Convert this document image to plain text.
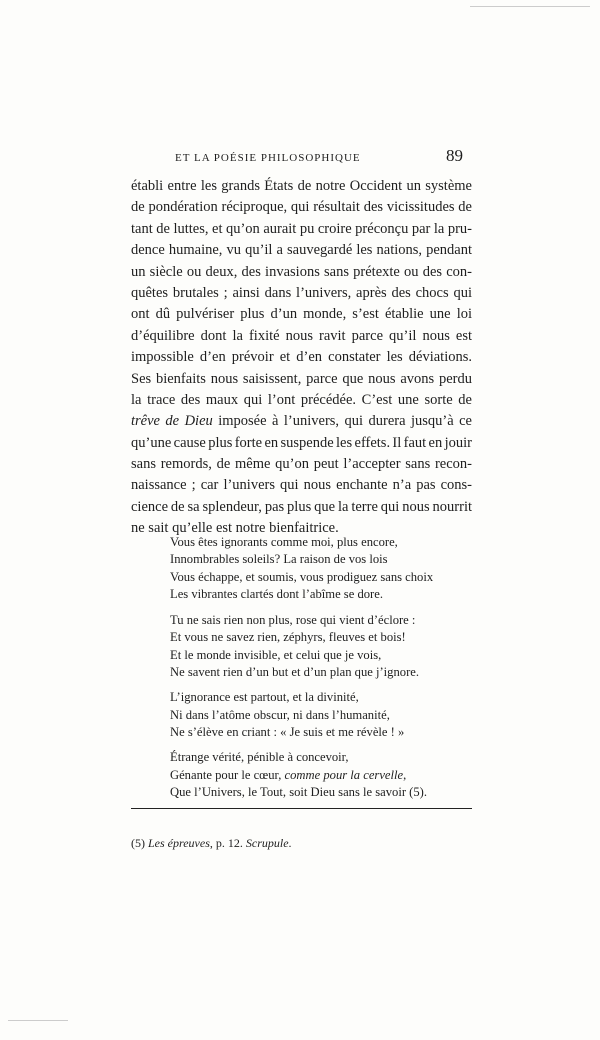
ET LA POÉSIE PHILOSOPHIQUE	89
établi entre les grands États de notre Occident un système
de pondération réciproque, qui résultait des vicissitudes de
tant de luttes, et qu’on aurait pu croire préconçu par la pru-
dence humaine, vu qu’il a sauvegardé les nations, pendant
un siècle ou deux, des invasions sans prétexte ou des con-
quêtes brutales ; ainsi dans l’univers, après des chocs qui
ont dû pulvériser plus d’un monde, s’est établie une loi
d’équilibre dont la fixité nous ravit parce qu’il nous est
impossible d’en prévoir et d’en constater les déviations.
Ses bienfaits nous saisissent, parce que nous avons perdu
la trace des maux qui l’ont précédée. C’est une sorte de
trêve de Dieu imposée à l’univers, qui durera jusqu’à ce
qu’une cause plus forte en suspende les effets. Il faut en jouir
sans remords, de même qu’on peut l’accepter sans recon-
naissance ; car l’univers qui nous enchante n’a pas cons-
cience de sa splendeur, pas plus que la terre qui nous nourrit
ne sait qu’elle est notre bienfaitrice.
Vous êtes ignorants comme moi, plus encore,
Innombrables soleils? La raison de vos lois
Vous échappe, et soumis, vous prodiguez sans choix
Les vibrantes clartés dont l’abîme se dore.
Tu ne sais rien non plus, rose qui vient d’éclore :
Et vous ne savez rien, zéphyrs, fleuves et bois!
Et le monde invisible, et celui que je vois,
Ne savent rien d’un but et d’un plan que j’ignore.
L’ignorance est partout, et la divinité,
Ni dans l’atôme obscur, ni dans l’humanité,
Ne s’élève en criant : « Je suis et me révèle ! »
Étrange vérité, pénible à concevoir,
Génante pour le cœur, comme pour la cervelle,
Que l’Univers, le Tout, soit Dieu sans le savoir (5).
(5) Les épreuves, p. 12. Scrupule.
